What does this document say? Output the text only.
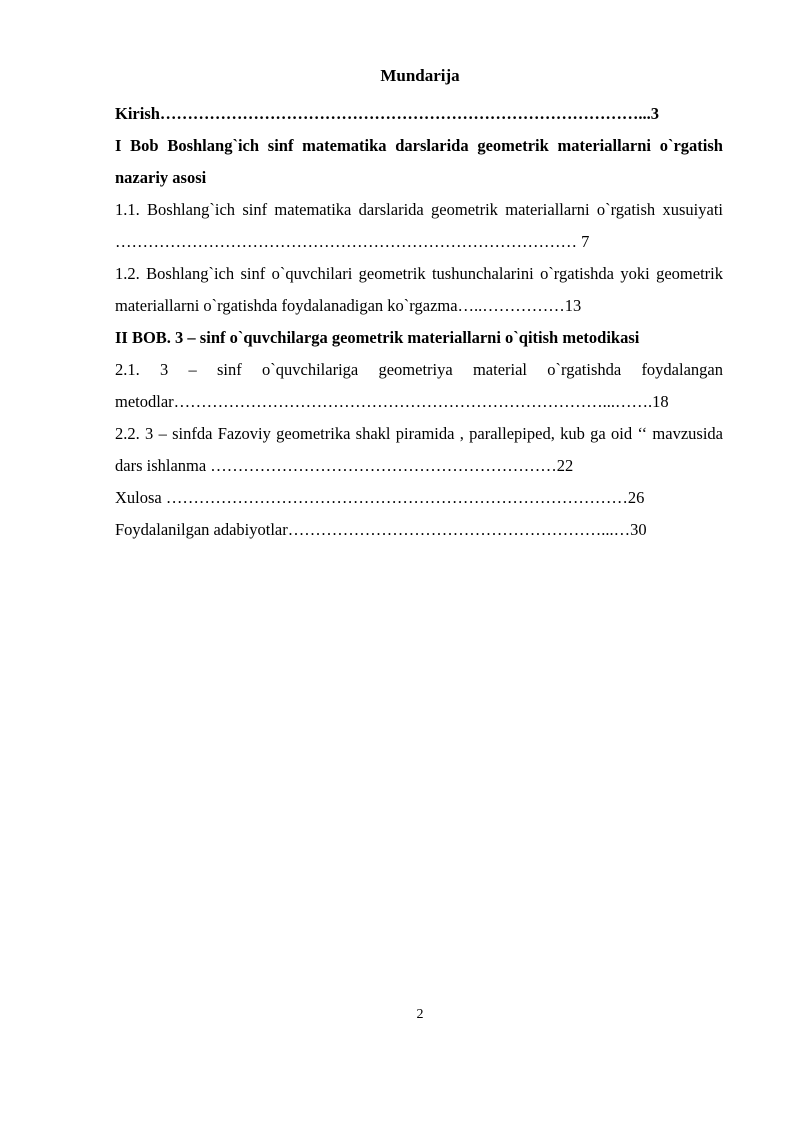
Mundarija

Kirish……………………………………………………………………………...3

I Bob Boshlang`ich sinf matematika darslarida geometrik materiallarni o`rgatish nazariy asosi

1.1. Boshlang`ich sinf matematika darslarida geometrik materiallarni o`rgatish xusuiyati ………………………………………………………………………… 7

1.2. Boshlang`ich sinf o`quvchilari geometrik tushunchalarini o`rgatishda yoki geometrik materiallarni o`rgatishda foydalanadigan ko`rgazma…..……………13

II BOB. 3 – sinf o`quvchilarga geometrik materiallarni o`qitish metodikasi

2.1. 3 – sinf o`quvchilariga geometriya material o`rgatishda foydalangan metodlar……………………………………………………………………...…….18

2.2. 3 – sinfda Fazoviy geometrika shakl piramida , parallepiped, kub ga oid ‘‘ mavzusida dars ishlanma ………………………………………………………22

Xulosa …………………………………………………………………………26

Foydalanilgan adabiyotlar…………………………………………………...…30

2
